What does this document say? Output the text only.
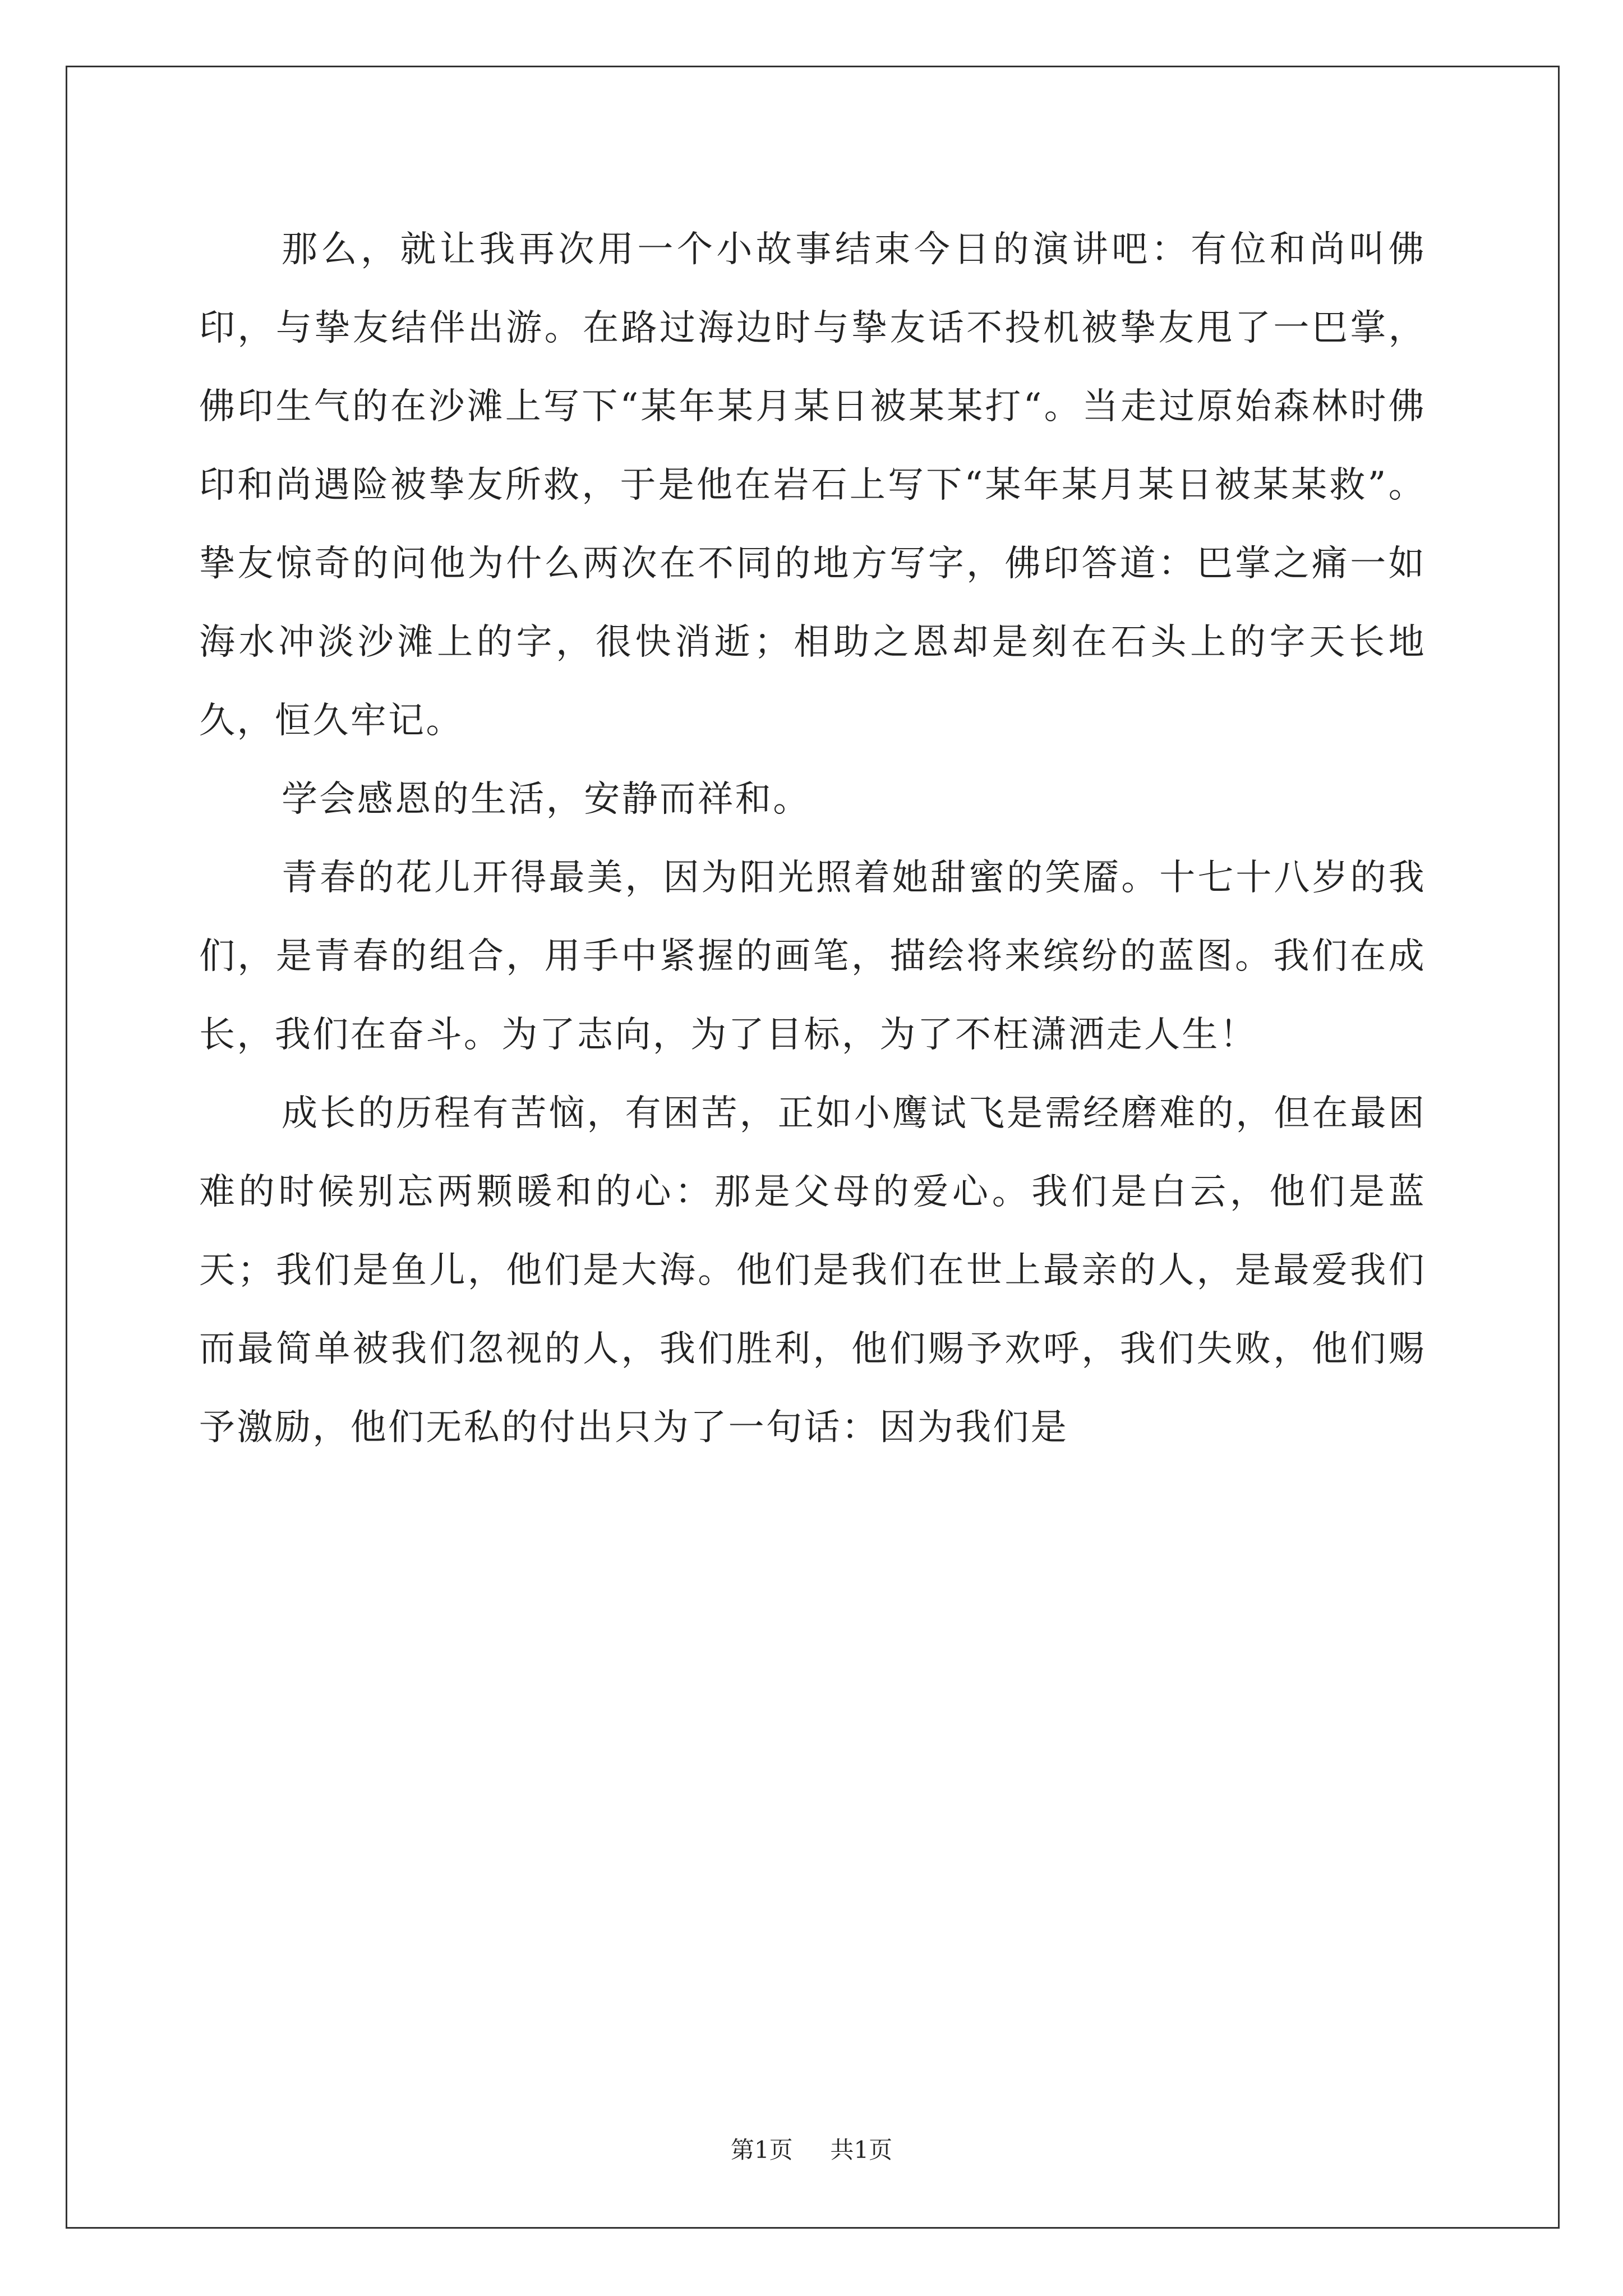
那么，就让我再次用一个小故事结束今日的演讲吧：有位和尚叫佛印，与挚友结伴出游。在路过海边时与挚友话不投机被挚友甩了一巴掌，佛印生气的在沙滩上写下“某年某月某日被某某打“。当走过原始森林时佛印和尚遇险被挚友所救，于是他在岩石上写下“某年某月某日被某某救”。挚友惊奇的问他为什么两次在不同的地方写字，佛印答道：巴掌之痛一如海水冲淡沙滩上的字，很快消逝；相助之恩却是刻在石头上的字天长地久，恒久牢记。

学会感恩的生活，安静而祥和。

青春的花儿开得最美，因为阳光照着她甜蜜的笑靥。十七十八岁的我们，是青春的组合，用手中紧握的画笔，描绘将来缤纷的蓝图。我们在成长，我们在奋斗。为了志向，为了目标，为了不枉潇洒走人生！

成长的历程有苦恼，有困苦，正如小鹰试飞是需经磨难的，但在最困难的时候别忘两颗暖和的心：那是父母的爱心。我们是白云，他们是蓝天；我们是鱼儿，他们是大海。他们是我们在世上最亲的人，是最爱我们而最简单被我们忽视的人，我们胜利，他们赐予欢呼，我们失败，他们赐予激励，他们无私的付出只为了一句话：因为我们是

第1页 共1页
